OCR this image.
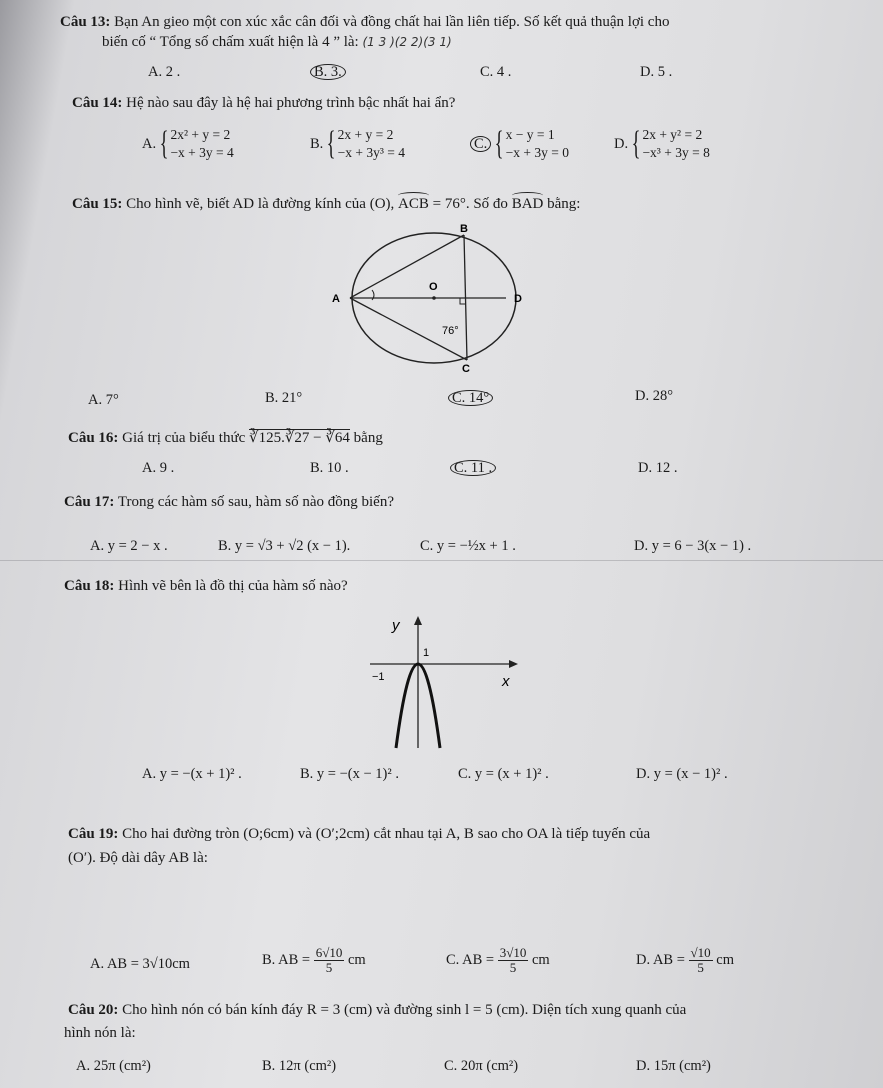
Câu 13: Bạn An gieo một con xúc xắc cân đối và đồng chất hai lần liên tiếp. Số kết quả thuận lợi cho
biến cố “ Tổng số chấm xuất hiện là 4 ” là: (1 3 )(2 2)(3 1)
A. 2 .	B. 3.	C. 4 .	D. 5 .
Câu 14: Hệ nào sau đây là hệ hai phương trình bậc nhất hai ẩn?
A. { 2x² + y = 2
−x + 3y = 4
B. { 2x + y = 2
−x + 3y³ = 4
C. { x − y = 1
−x + 3y = 0
D. { 2x + y² = 2
−x³ + 3y = 8
Câu 15: Cho hình vẽ, biết AD là đường kính của (O), ACB = 76°. Số đo BAD bằng:
B
A
O
D
76°
C
A. 7°	B. 21°	C. 14°	D. 28°
Câu 16: Giá trị của biểu thức ∛125.∛27 − ∛64 bằng
A. 9 .	B. 10 .	C. 11 .	D. 12 .
Câu 17: Trong các hàm số sau, hàm số nào đồng biến?
A. y = 2 − x .	B. y = √3 + √2 (x − 1).	C. y = −½x + 1 .	D. y = 6 − 3(x − 1) .
Câu 18: Hình vẽ bên là đồ thị của hàm số nào?
y
1
−1	x
A. y = −(x + 1)² .	B. y = −(x − 1)² .	C. y = (x + 1)² .	D. y = (x − 1)² .
Câu 19: Cho hai đường tròn (O;6cm) và (O′;2cm) cắt nhau tại A, B sao cho OA là tiếp tuyến của
(O′). Độ dài dây AB là:
A. AB = 3√10cm	B. AB = $\frac{6√10}{5}$ cm	C. AB = $\frac{3√10}{5}$ cm	D. AB = $\frac{√10}{5}$ cm
Câu 20: Cho hình nón có bán kính đáy R = 3 (cm) và đường sinh l = 5 (cm). Diện tích xung quanh của
hình nón là:
A. 25π (cm²)	B. 12π (cm²)	C. 20π (cm²)	D. 15π (cm²)
